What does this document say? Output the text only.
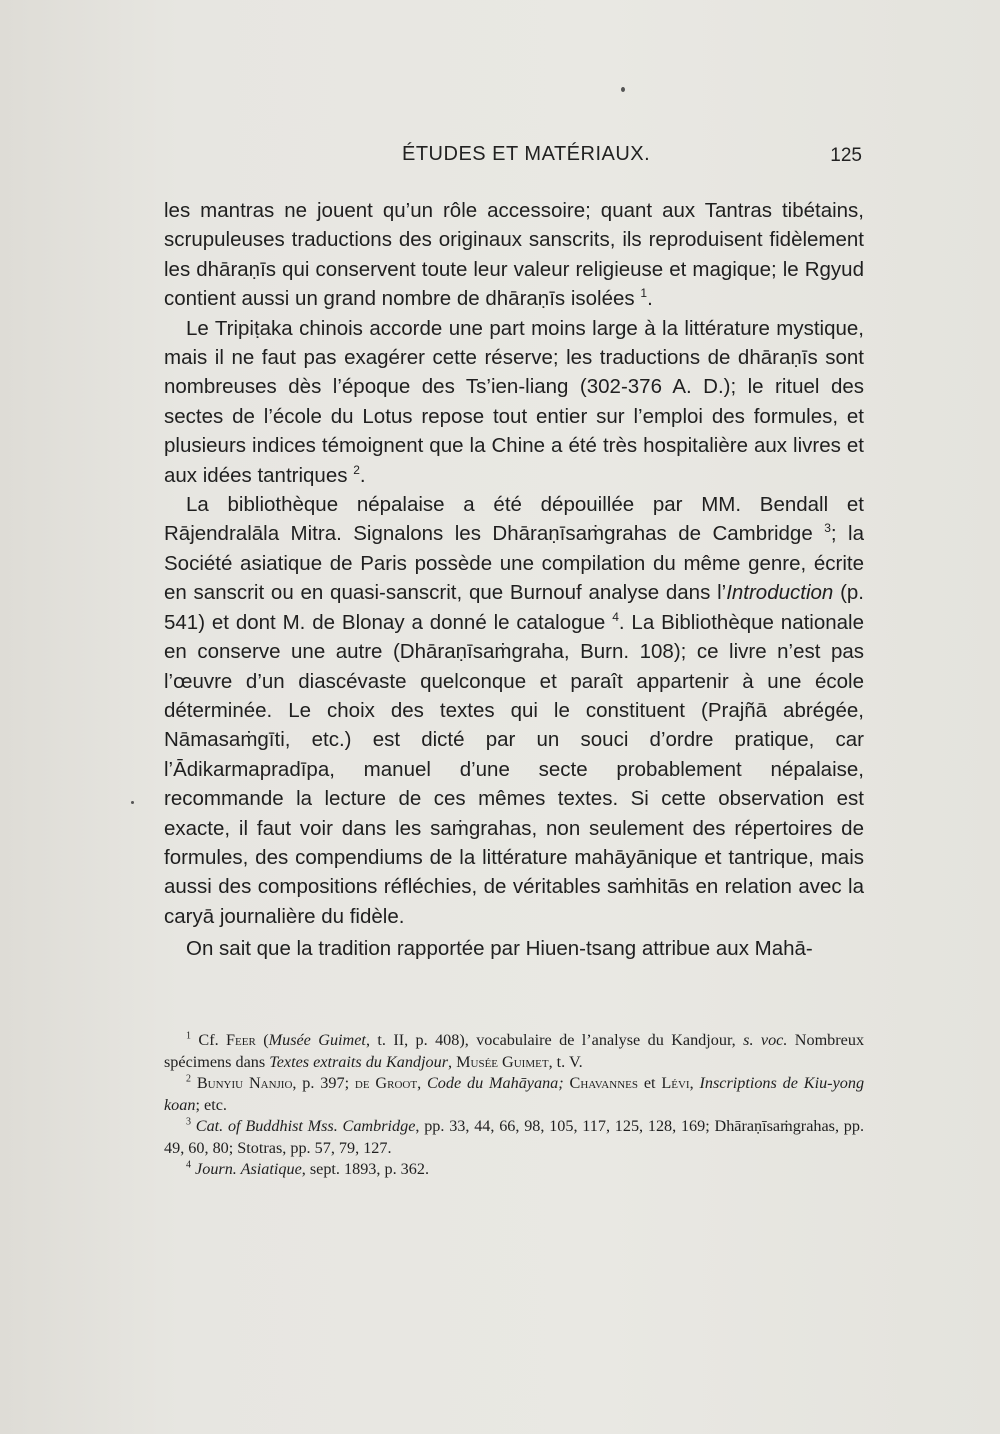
ÉTUDES ET MATÉRIAUX.	125

les mantras ne jouent qu’un rôle accessoire; quant aux Tantras tibétains, scrupuleuses traductions des originaux sanscrits, ils reproduisent fidèlement les dhāraṇīs qui conservent toute leur valeur religieuse et magique; le Rgyud contient aussi un grand nombre de dhāraṇīs isolées $^1$.

Le Tripiṭaka chinois accorde une part moins large à la littérature mystique, mais il ne faut pas exagérer cette réserve; les traductions de dhāraṇīs sont nombreuses dès l’époque des Ts’ien-liang (302-376 A. D.); le rituel des sectes de l’école du Lotus repose tout entier sur l’emploi des formules, et plusieurs indices témoignent que la Chine a été très hospitalière aux livres et aux idées tantriques $^2$.

La bibliothèque népalaise a été dépouillée par MM. Bendall et Rājendralāla Mitra. Signalons les Dhāraṇīsaṁgrahas de Cambridge $^3$; la Société asiatique de Paris possède une compilation du même genre, écrite en sanscrit ou en quasi-sanscrit, que Burnouf analyse dans l’Introduction (p. 541) et dont M. de Blonay a donné le catalogue $^4$. La Bibliothèque nationale en conserve une autre (Dhāraṇīsaṁgraha, Burn. 108); ce livre n’est pas l’œuvre d’un diascévaste quelconque et paraît appartenir à une école déterminée. Le choix des textes qui le constituent (Prajñā abrégée, Nāmasaṁgīti, etc.) est dicté par un souci d’ordre pratique, car l’Ādikarmapradīpa, manuel d’une secte probablement népalaise, recommande la lecture de ces mêmes textes. Si cette observation est exacte, il faut voir dans les saṁgrahas, non seulement des répertoires de formules, des compendiums de la littérature mahāyānique et tantrique, mais aussi des compositions réfléchies, de véritables saṁhitās en relation avec la caryā journalière du fidèle.

On sait que la tradition rapportée par Hiuen-tsang attribue aux Mahā-

$^1$ Cf. Feer (Musée Guimet, t. II, p. 408), vocabulaire de l’analyse du Kandjour, s. voc. Nombreux spécimens dans Textes extraits du Kandjour, Musée Guimet, t. V.

$^2$ Bunyiu Nanjio, p. 397; de Groot, Code du Mahāyana; Chavannes et Lévi, Inscriptions de Kiu-yong koan; etc.

$^3$ Cat. of Buddhist Mss. Cambridge, pp. 33, 44, 66, 98, 105, 117, 125, 128, 169; Dhāraṇīsaṁgrahas, pp. 49, 60, 80; Stotras, pp. 57, 79, 127.

$^4$ Journ. Asiatique, sept. 1893, p. 362.
